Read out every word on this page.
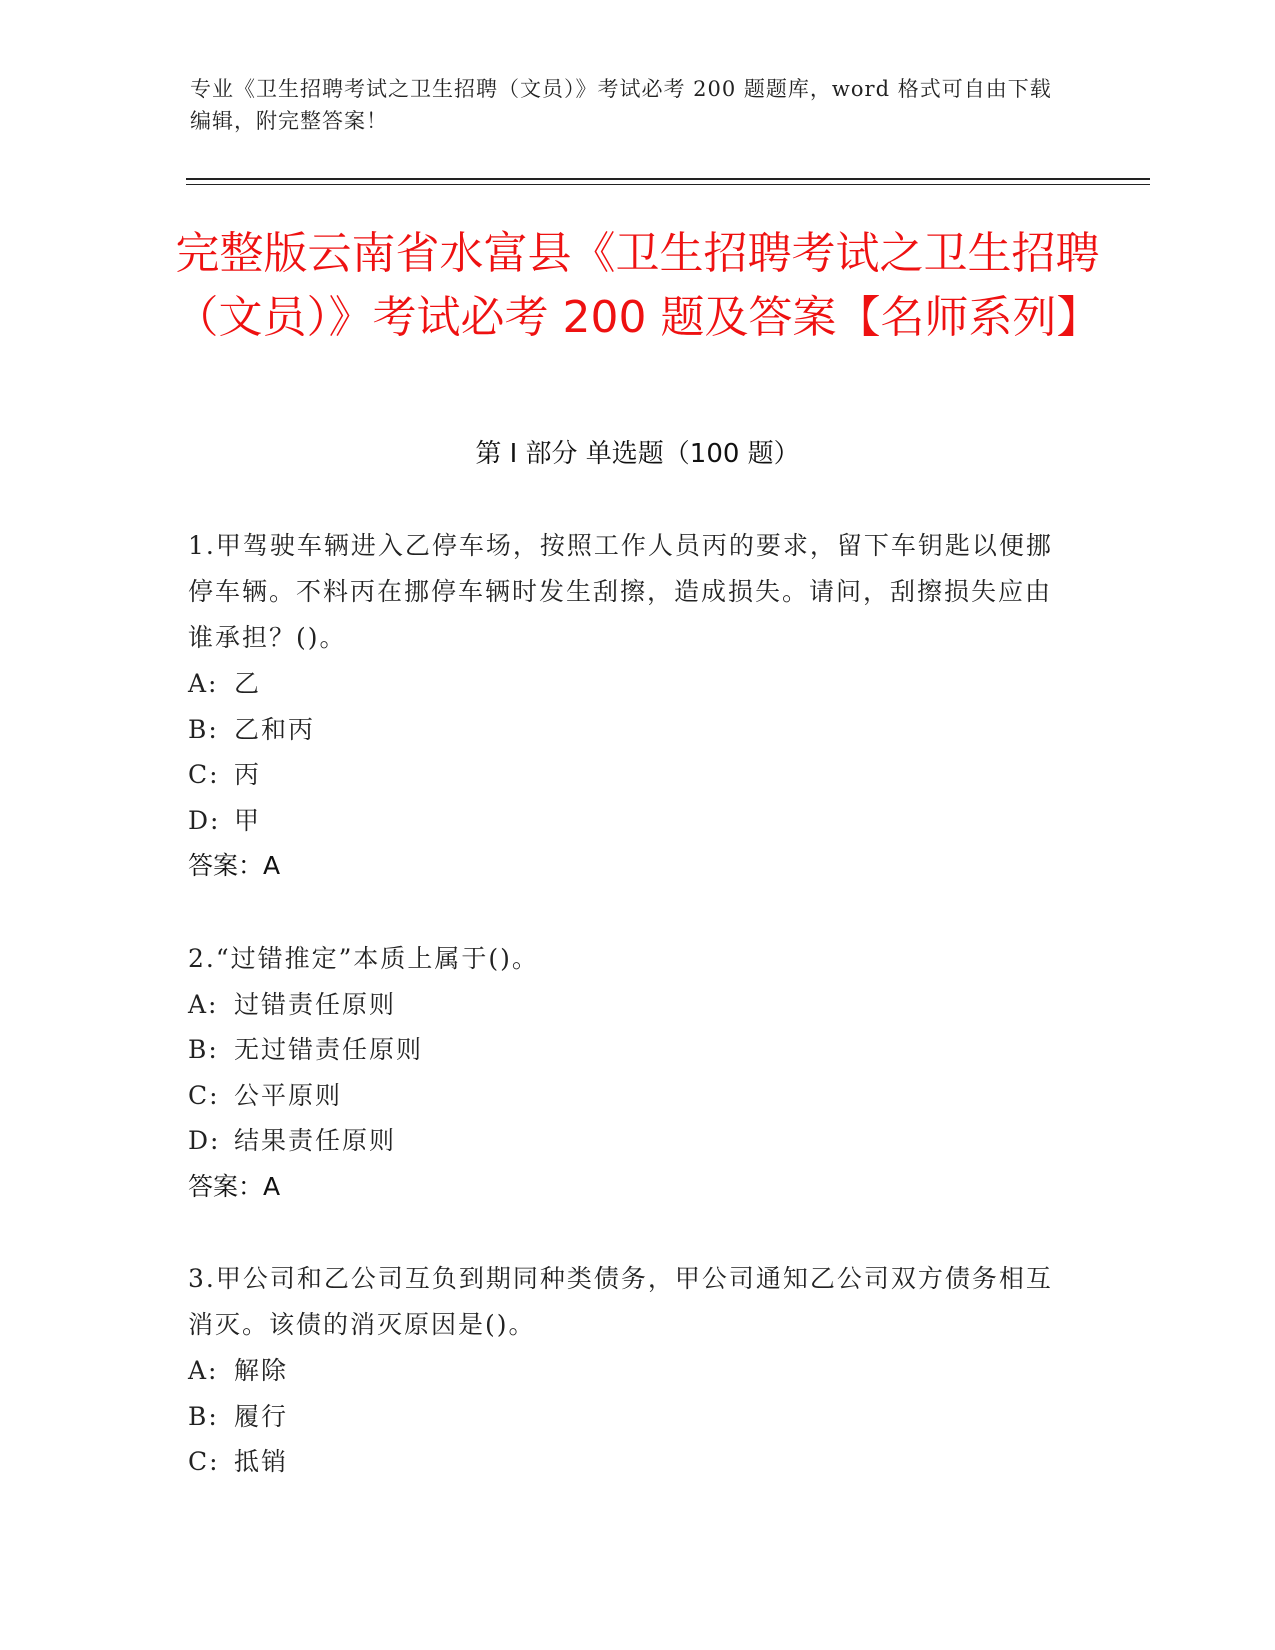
专业《卫生招聘考试之卫生招聘（文员）》考试必考 200 题题库，word 格式可自由下载编辑，附完整答案！
完整版云南省水富县《卫生招聘考试之卫生招聘（文员）》考试必考 200 题及答案【名师系列】
第 I 部分 单选题（100 题）

1.甲驾驶车辆进入乙停车场，按照工作人员丙的要求，留下车钥匙以便挪停车辆。不料丙在挪停车辆时发生刮擦，造成损失。请问，刮擦损失应由谁承担？()。

A: 乙

B: 乙和丙

C: 丙

D: 甲

答案：A

2.“过错推定”本质上属于()。

A: 过错责任原则

B: 无过错责任原则

C: 公平原则

D: 结果责任原则

答案：A

3.甲公司和乙公司互负到期同种类债务，甲公司通知乙公司双方债务相互消灭。该债的消灭原因是()。

A: 解除

B: 履行

C: 抵销
